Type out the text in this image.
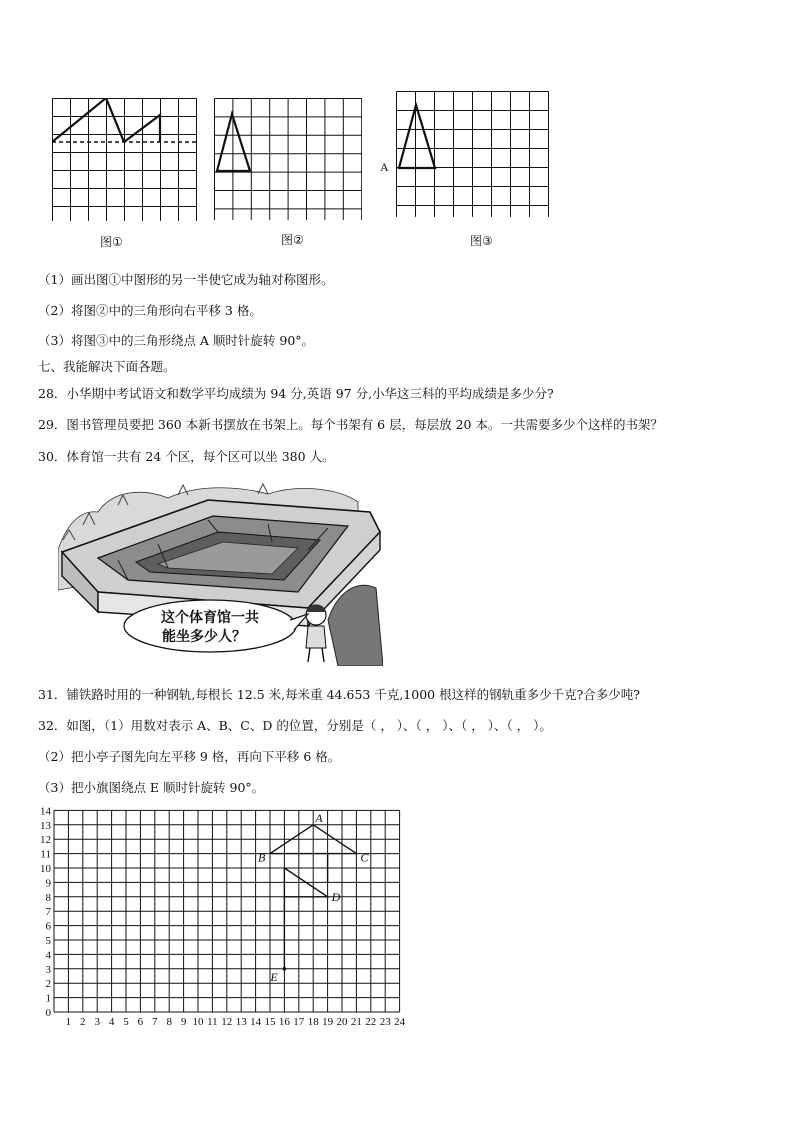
图①	图②
A
图③
（1）画出图①中图形的另一半使它成为轴对称图形。
（2）将图②中的三角形向右平移 3 格。
（3）将图③中的三角形绕点 A 顺时针旋转 90°。
七、我能解决下面各题。
28．小华期中考试语文和数学平均成绩为 94 分,英语 97 分,小华这三科的平均成绩是多少分?
29．图书管理员要把 360 本新书摆放在书架上。每个书架有 6 层，每层放 20 本。一共需要多少个这样的书架？
30．体育馆一共有 24 个区，每个区可以坐 380 人。
这个体育馆一共
能坐多少人？
31．铺铁路时用的一种钢轨,每根长 12.5 米,每米重 44.653 千克,1000 根这样的钢轨重多少千克?合多少吨?
32．如图，（1）用数对表示 A、B、C、D 的位置，分别是（ ， ）、（ ， ）、（ ， ）、（ ， ）。
（2）把小亭子图先向左平移 9 格，再向下平移 6 格。
（3）把小旗图绕点 E 顺时针旋转 90°。
1 2 3 4 5 6 7 8 9 10 11 12 13 14 15 16 17 18 19 20 21 22 23 24
0
1
2
3
4
5
6
7
8
9
10
11
12
13
14	A
B	C
D
E
